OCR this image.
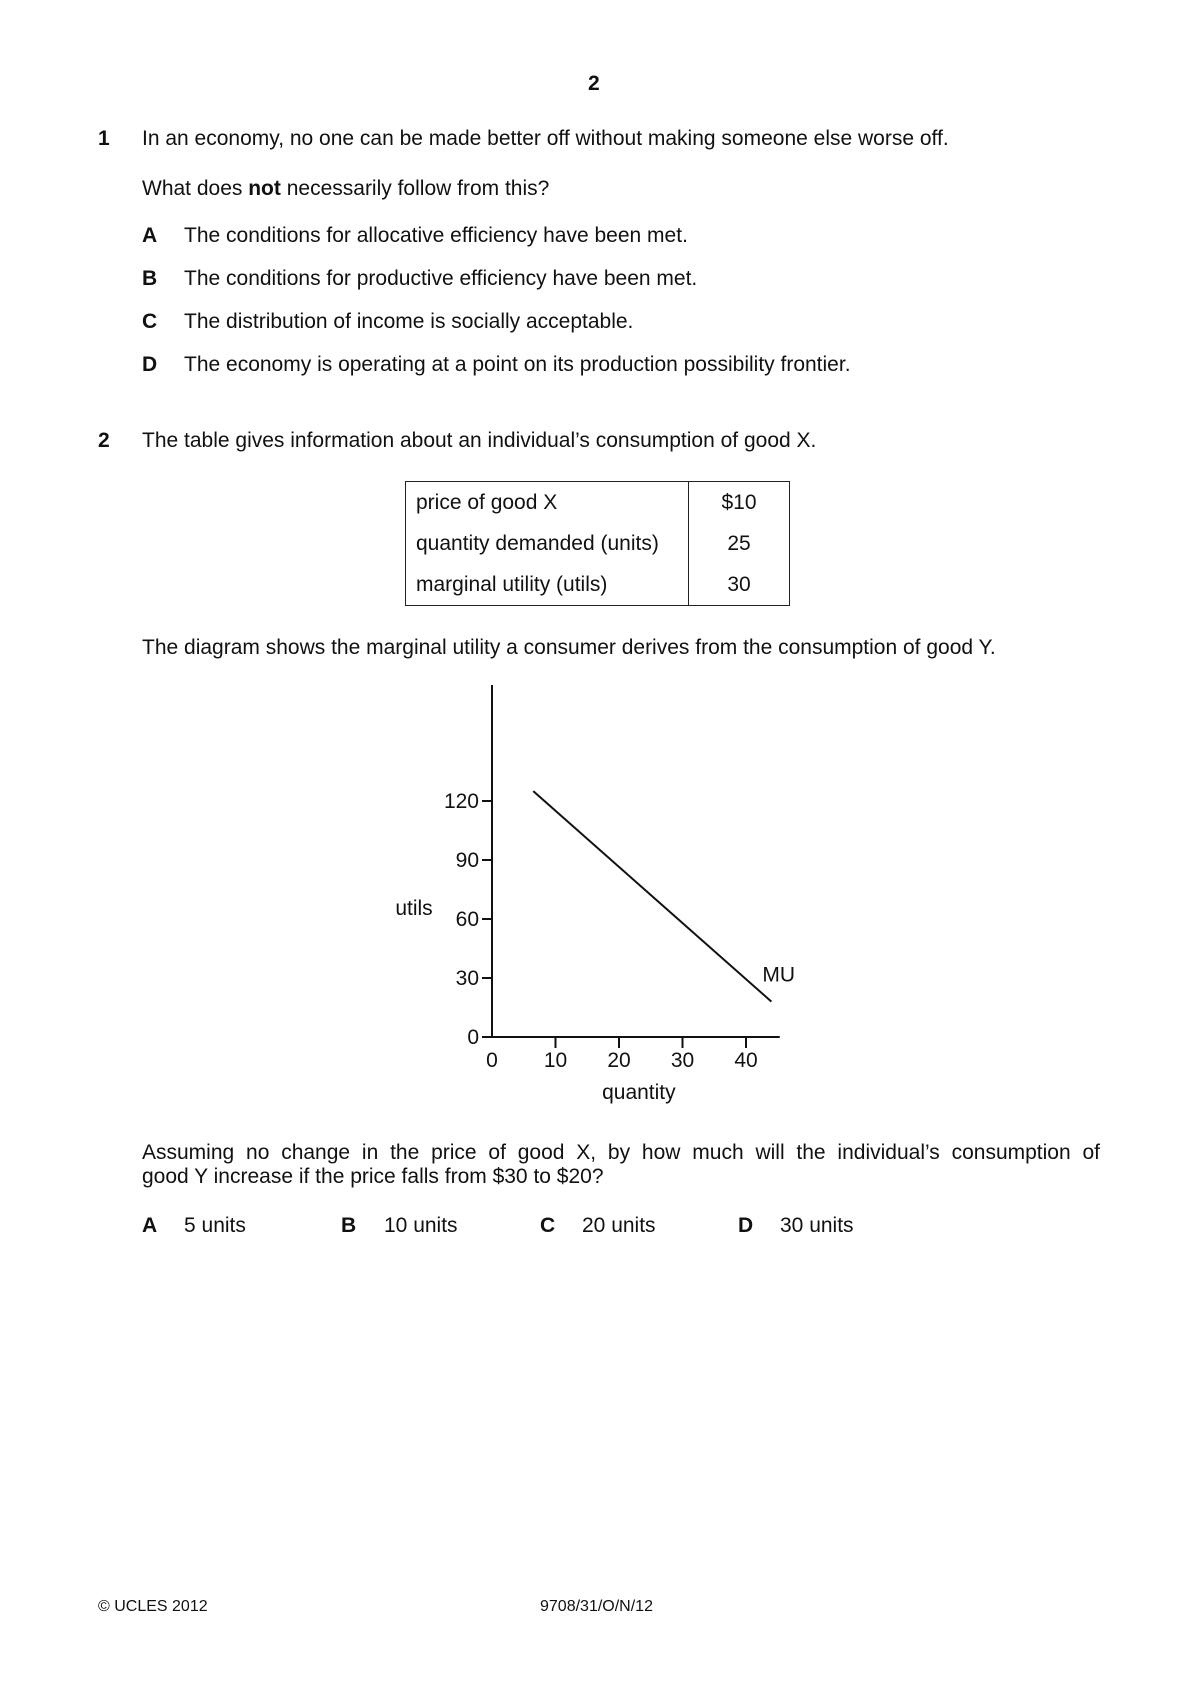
2
1 In an economy, no one can be made better off without making someone else worse off.
What does not necessarily follow from this?
A The conditions for allocative efficiency have been met.
B The conditions for productive efficiency have been met.
C The distribution of income is socially acceptable.
D The economy is operating at a point on its production possibility frontier.
2 The table gives information about an individual’s consumption of good X.
price of good X	$10
quantity demanded (units)	25
marginal utility (utils)	30
The diagram shows the marginal utility a consumer derives from the consumption of good Y.
0
30
60
90
120
0 10 20 30 40
quantity
utils
MU
Assuming no change in the price of good X, by how much will the individual’s consumption of
good Y increase if the price falls from $30 to $20?
A 5 units	B 10 units	C 20 units	D 30 units
© UCLES 2012	9708/31/O/N/12
